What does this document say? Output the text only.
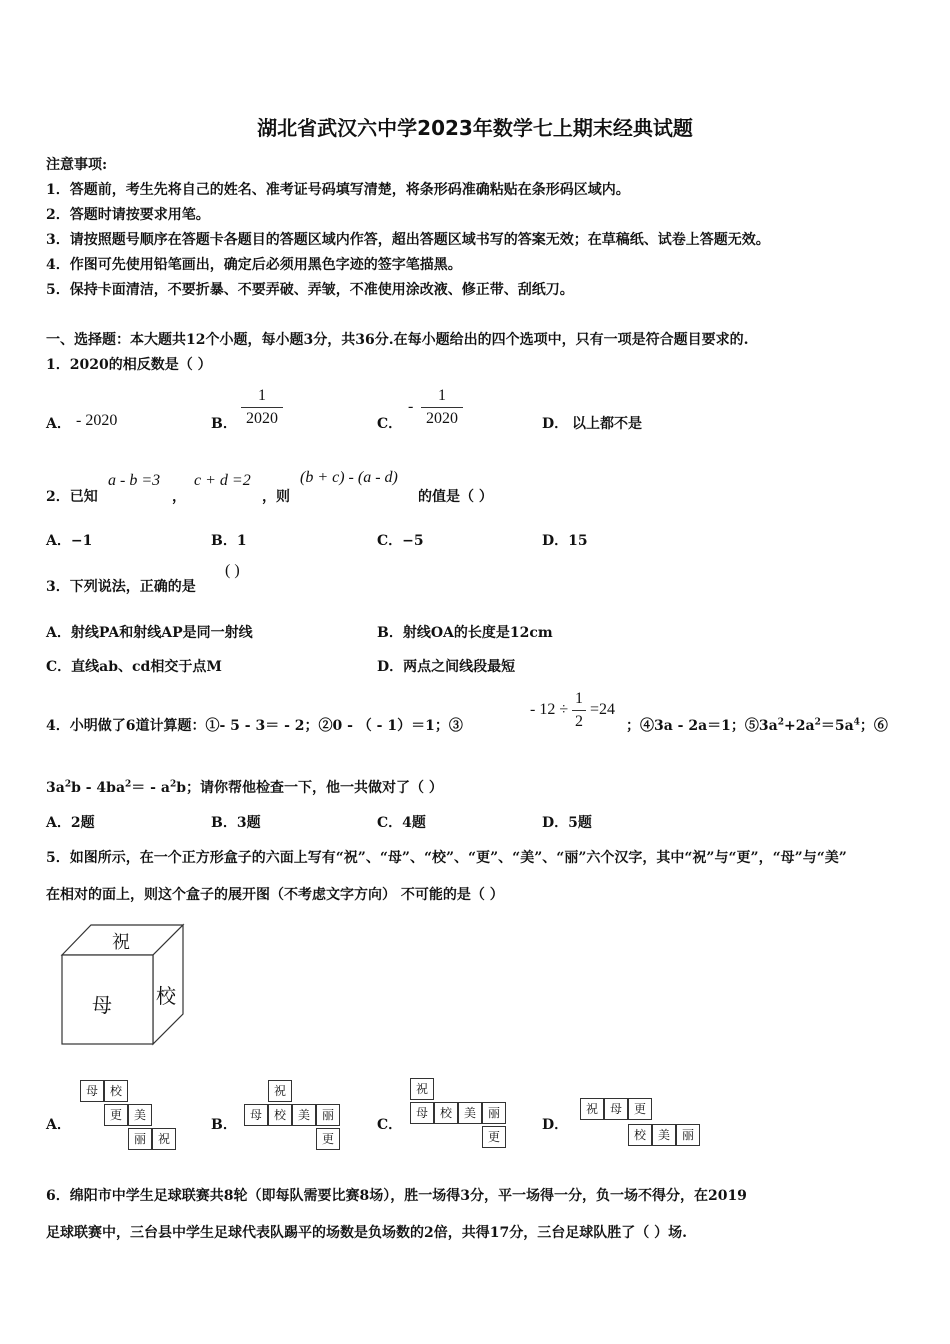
湖北省武汉六中学2023年数学七上期末经典试题
注意事项:
1．答题前，考生先将自己的姓名、准考证号码填写清楚，将条形码准确粘贴在条形码区域内。
2．答题时请按要求用笔。
3．请按照题号顺序在答题卡各题目的答题区域内作答，超出答题区域书写的答案无效；在草稿纸、试卷上答题无效。
4．作图可先使用铅笔画出，确定后必须用黑色字迹的签字笔描黑。
5．保持卡面清洁，不要折暴、不要弄破、弄皱，不准使用涂改液、修正带、刮纸刀。
一、选择题：本大题共12个小题，每小题3分，共36分.在每小题给出的四个选项中，只有一项是符合题目要求的.
1．2020的相反数是（ ）
A． - 2020	B．
1
2020	C．
-
1
2020	D． 以上都不是
2．已知
a - b =3
，
c + d =2
，则
(b + c) - (a - d)
的值是（ ）
A．−1	B．1	C．−5	D．15
3．下列说法，正确的是
( )
A．射线PA和射线AP是同一射线	B．射线OA的长度是12cm
C．直线ab、cd相交于点M	D．两点之间线段最短
4．小明做了6道计算题：①- 5 - 3＝ - 2；②0 - （ - 1）＝1；③
- 12 ÷
1
2
=24
；④3a - 2a＝1；$⑤3a^2+2a^2=5a^4$；⑥
$3a^2b - 4ba^2= - a^2b$；请你帮他检查一下，他一共做对了（ ）
A．2题	B．3题	C．4题	D．5题
5．如图所示，在一个正方形盒子的六面上写有“祝”、“母”、“校”、“更”、“美”、“丽”六个汉字，其中“祝”与“更”，“母”与“美”
在相对的面上，则这个盒子的展开图（不考虑文字方向） 不可能的是（ ）
祝
母 校
A．	B．	C．	D．
母 校
更 美
丽 祝
祝
母 校 美 丽
更
祝
母 校 美 丽
更
祝 母 更
校 美 丽
6．绵阳市中学生足球联赛共8轮（即每队需要比赛8场），胜一场得3分，平一场得一分，负一场不得分，在2019
足球联赛中，三台县中学生足球代表队踢平的场数是负场数的2倍，共得17分，三台足球队胜了（ ）场.
